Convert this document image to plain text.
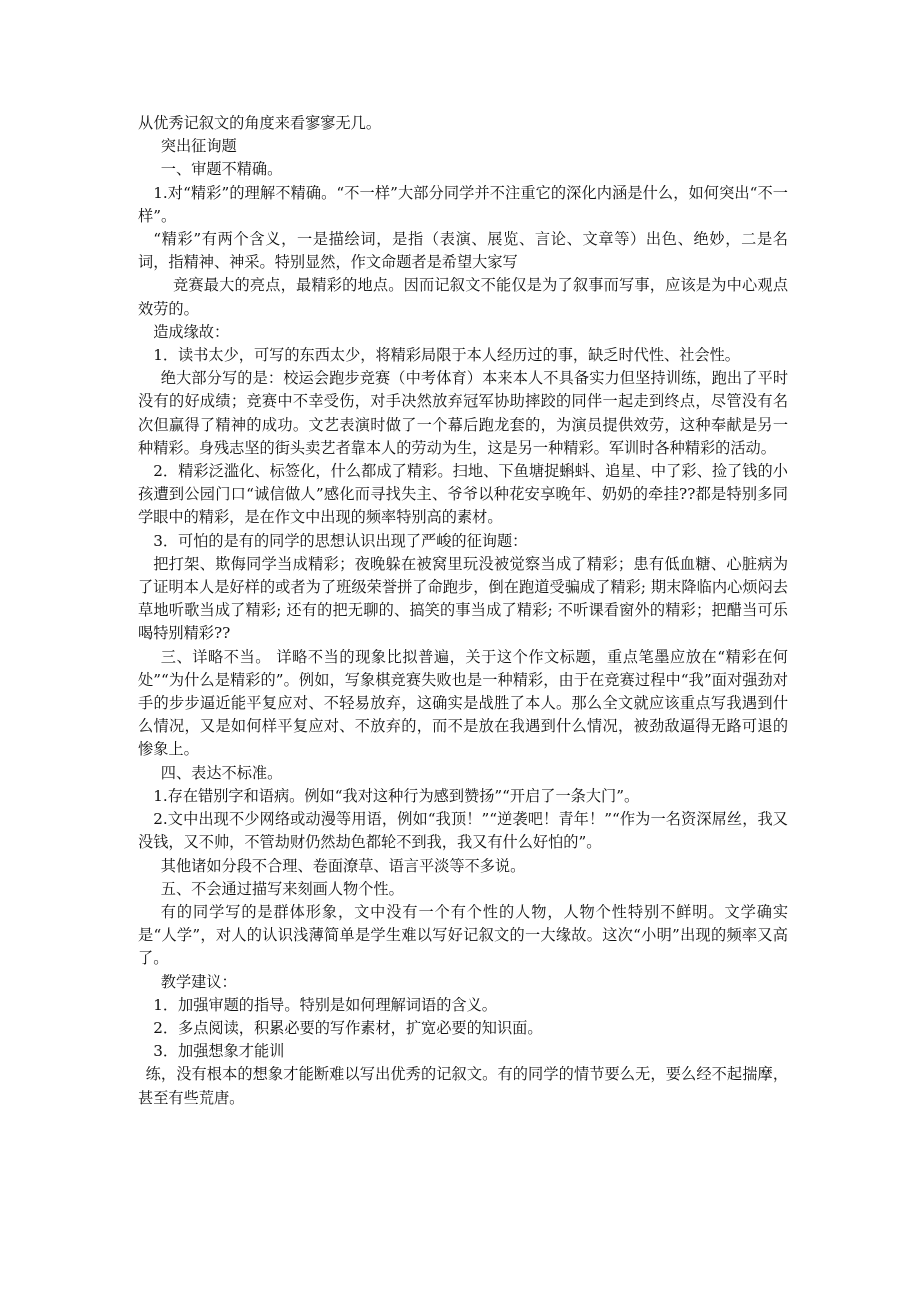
从优秀记叙文的角度来看寥寥无几。

突出征询题

一、审题不精确。

1.对“精彩”的理解不精确。“不一样”大部分同学并不注重它的深化内涵是什么，如何突出“不一样”。

“精彩”有两个含义，一是描绘词，是指（表演、展览、言论、文章等）出色、绝妙，二是名词，指精神、神采。特别显然，作文命题者是希望大家写

竞赛最大的亮点，最精彩的地点。因而记叙文不能仅是为了叙事而写事，应该是为中心观点效劳的。

造成缘故：

1．读书太少，可写的东西太少，将精彩局限于本人经历过的事，缺乏时代性、社会性。

绝大部分写的是：校运会跑步竞赛（中考体育）本来本人不具备实力但坚持训练，跑出了平时没有的好成绩；竞赛中不幸受伤，对手决然放弃冠军协助摔跤的同伴一起走到终点，尽管没有名次但赢得了精神的成功。文艺表演时做了一个幕后跑龙套的，为演员提供效劳，这种奉献是另一种精彩。身残志坚的街头卖艺者靠本人的劳动为生，这是另一种精彩。军训时各种精彩的活动。

2．精彩泛滥化、标签化，什么都成了精彩。扫地、下鱼塘捉蝌蚪、追星、中了彩、捡了钱的小孩遭到公园门口“诚信做人”感化而寻找失主、爷爷以种花安享晚年、奶奶的牵挂??都是特别多同学眼中的精彩，是在作文中出现的频率特别高的素材。

3．可怕的是有的同学的思想认识出现了严峻的征询题：

把打架、欺侮同学当成精彩；夜晚躲在被窝里玩没被觉察当成了精彩；患有低血糖、心脏病为了证明本人是好样的或者为了班级荣誉拼了命跑步，倒在跑道受骗成了精彩; 期末降临内心烦闷去草地听歌当成了精彩; 还有的把无聊的、搞笑的事当成了精彩; 不听课看窗外的精彩；把醋当可乐喝特别精彩??

三、详略不当。 详略不当的现象比拟普遍，关于这个作文标题，重点笔墨应放在“精彩在何处”“为什么是精彩的”。例如，写象棋竞赛失败也是一种精彩，由于在竞赛过程中“我”面对强劲对手的步步逼近能平复应对、不轻易放弃，这确实是战胜了本人。那么全文就应该重点写我遇到什么情况，又是如何样平复应对、不放弃的，而不是放在我遇到什么情况，被劲敌逼得无路可退的惨象上。

四、表达不标准。

1.存在错别字和语病。例如“我对这种行为感到赞扬”“开启了一条大门”。

2.文中出现不少网络或动漫等用语，例如“我顶！”“逆袭吧！青年！”“作为一名资深屌丝，我又没钱，又不帅，不管劫财仍然劫色都轮不到我，我又有什么好怕的”。

其他诸如分段不合理、卷面潦草、语言平淡等不多说。

五、不会通过描写来刻画人物个性。

有的同学写的是群体形象，文中没有一个有个性的人物，人物个性特别不鲜明。文学确实是“人学”，对人的认识浅薄简单是学生难以写好记叙文的一大缘故。这次“小明”出现的频率又高了。

教学建议：

1．加强审题的指导。特别是如何理解词语的含义。

2．多点阅读，积累必要的写作素材，扩宽必要的知识面。

3．加强想象才能训

练，没有根本的想象才能断难以写出优秀的记叙文。有的同学的情节要么无，要么经不起揣摩，甚至有些荒唐。
